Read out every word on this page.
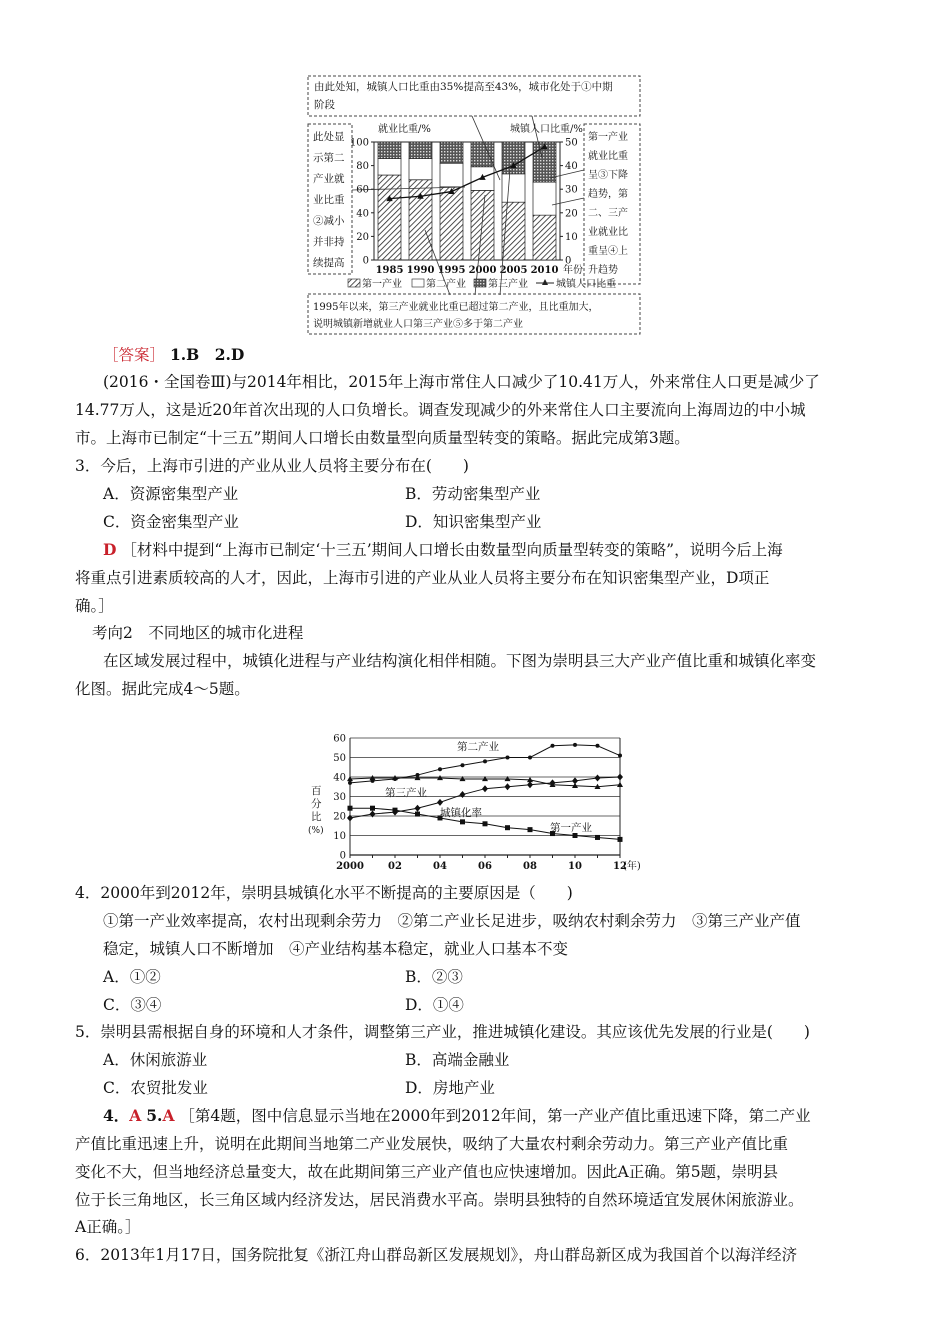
由此处知，城镇人口比重由35%提高至43%，城市化处于①中期
阶段
此处显
示第二
产业就
业比重
②减小
并非持
续提高
第一产业
就业比重
呈③下降
趋势，第
二、三产
业就业比
重呈④上
升趋势
就业比重/%	城镇人口比重/%
100
80
60
40
20
0
50
40
30
20
10
0
1985 1990 1995 2000 2005 2010 年份
第一产业 第二产业 第三产业	城镇人口比重
1995年以来，第三产业就业比重已超过第二产业，且比重加大，
说明城镇新增就业人口第三产业⑤多于第二产业
［答案］ 1.B　2.D
(2016・全国卷Ⅲ)与2014年相比，2015年上海市常住人口减少了10.41万人，外来常住人口更是减少了
14.77万人，这是近20年首次出现的人口负增长。调查发现减少的外来常住人口主要流向上海周边的中小城
市。上海市已制定“十三五”期间人口增长由数量型向质量型转变的策略。据此完成第3题。
3．今后，上海市引进的产业从业人员将主要分布在(　　)
A．资源密集型产业	B．劳动密集型产业
C．资金密集型产业	D．知识密集型产业
D ［材料中提到“上海市已制定‘十三五’期间人口增长由数量型向质量型转变的策略”，说明今后上海
将重点引进素质较高的人才，因此，上海市引进的产业从业人员将主要分布在知识密集型产业，D项正
确。］
考向2　不同地区的城市化进程
在区域发展过程中，城镇化进程与产业结构演化相伴相随。下图为崇明县三大产业产值比重和城镇化率变
化图。据此完成4～5题。
百
分
比
(%)
0
10
20
30
40
50
60
2000 02	04	06	08	10	12
(年)
第二产业
第三产业
城镇化率
第一产业
4．2000年到2012年，崇明县城镇化水平不断提高的主要原因是（　　)
①第一产业效率提高，农村出现剩余劳力　②第二产业长足进步，吸纳农村剩余劳力　③第三产业产值
稳定，城镇人口不断增加　④产业结构基本稳定，就业人口基本不变
A．①②	B．②③
C．③④	D．①④
5．崇明县需根据自身的环境和人才条件，调整第三产业，推进城镇化建设。其应该优先发展的行业是(　　)
A．休闲旅游业	B．高端金融业
C．农贸批发业	D．房地产业
4．A 5.A ［第4题，图中信息显示当地在2000年到2012年间，第一产业产值比重迅速下降，第二产业
产值比重迅速上升，说明在此期间当地第二产业发展快，吸纳了大量农村剩余劳动力。第三产业产值比重
变化不大，但当地经济总量变大，故在此期间第三产业产值也应快速增加。因此A正确。第5题，崇明县
位于长三角地区，长三角区域内经济发达，居民消费水平高。崇明县独特的自然环境适宜发展休闲旅游业。
A正确。］
6．2013年1月17日，国务院批复《浙江舟山群岛新区发展规划》，舟山群岛新区成为我国首个以海洋经济
